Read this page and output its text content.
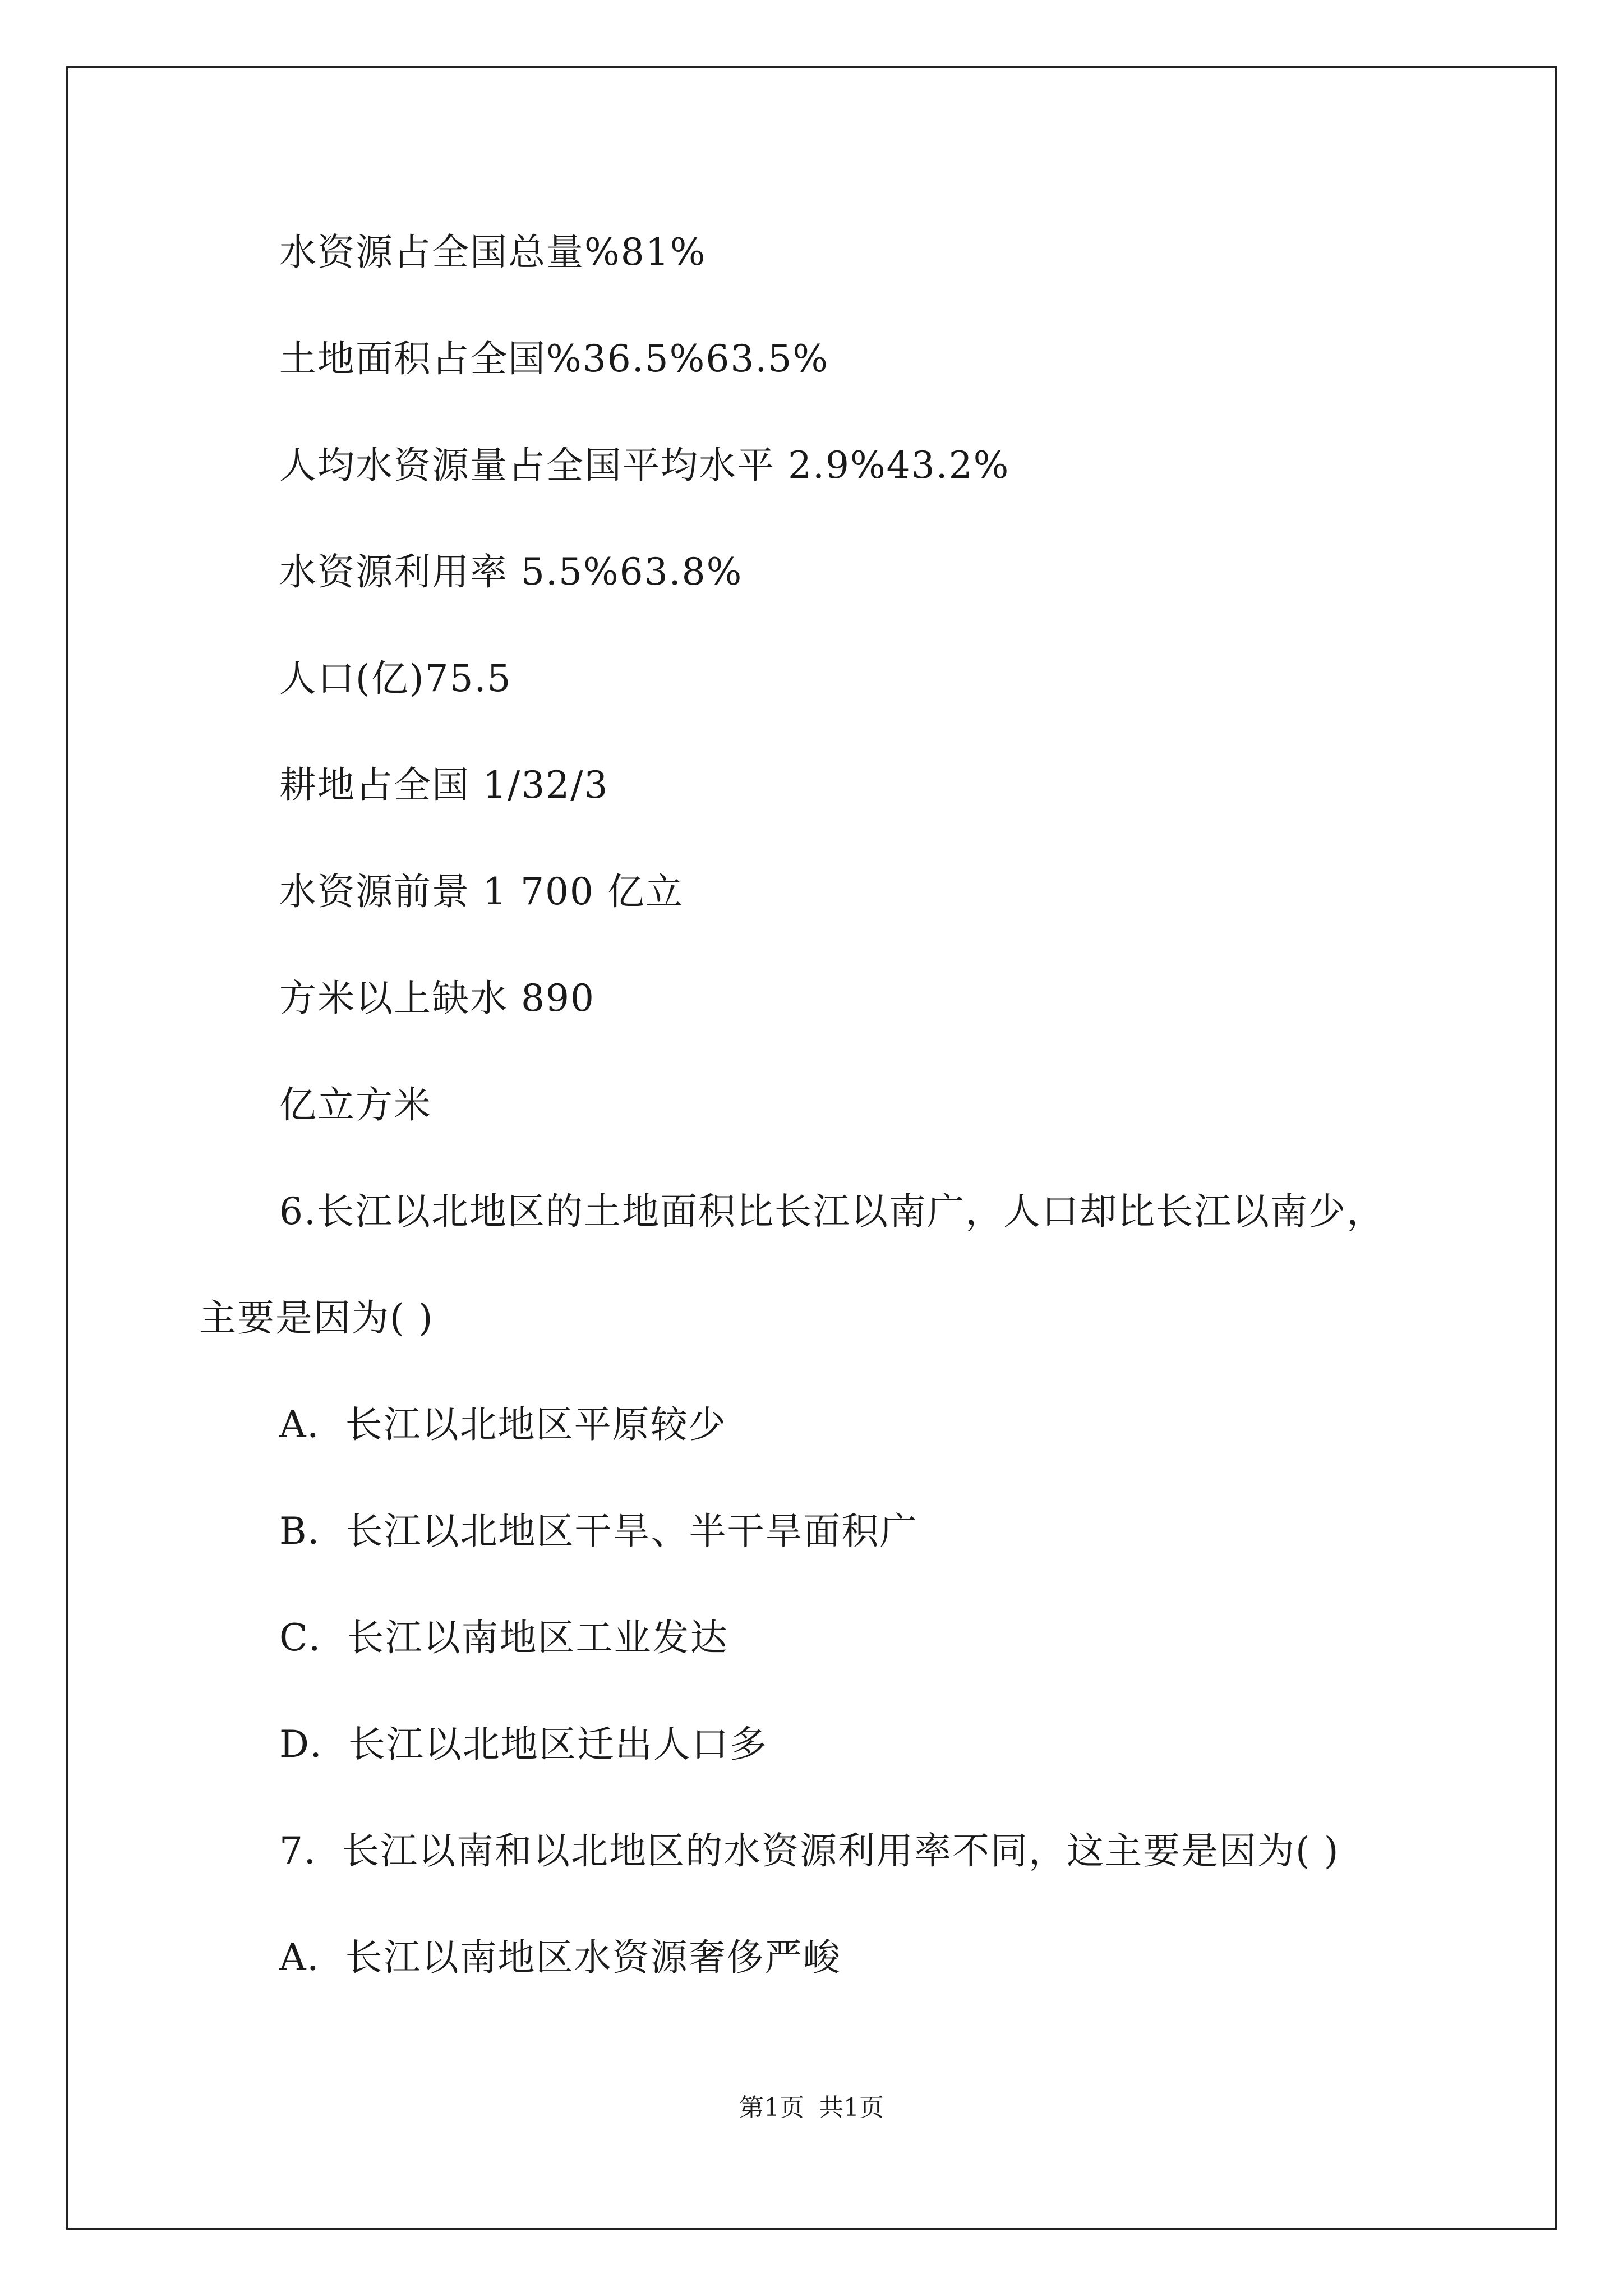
水资源占全国总量%81%
土地面积占全国%36.5%63.5%
人均水资源量占全国平均水平 2.9%43.2%
水资源利用率 5.5%63.8%
人口(亿)75.5
耕地占全国 1/32/3
水资源前景 1 700 亿立
方米以上缺水 890
亿立方米
6.长江以北地区的土地面积比长江以南广，人口却比长江以南少，
主要是因为( )
A．长江以北地区平原较少
B．长江以北地区干旱、半干旱面积广
C．长江以南地区工业发达
D．长江以北地区迁出人口多
7．长江以南和以北地区的水资源利用率不同，这主要是因为( )
A．长江以南地区水资源奢侈严峻
第1页 共1页
